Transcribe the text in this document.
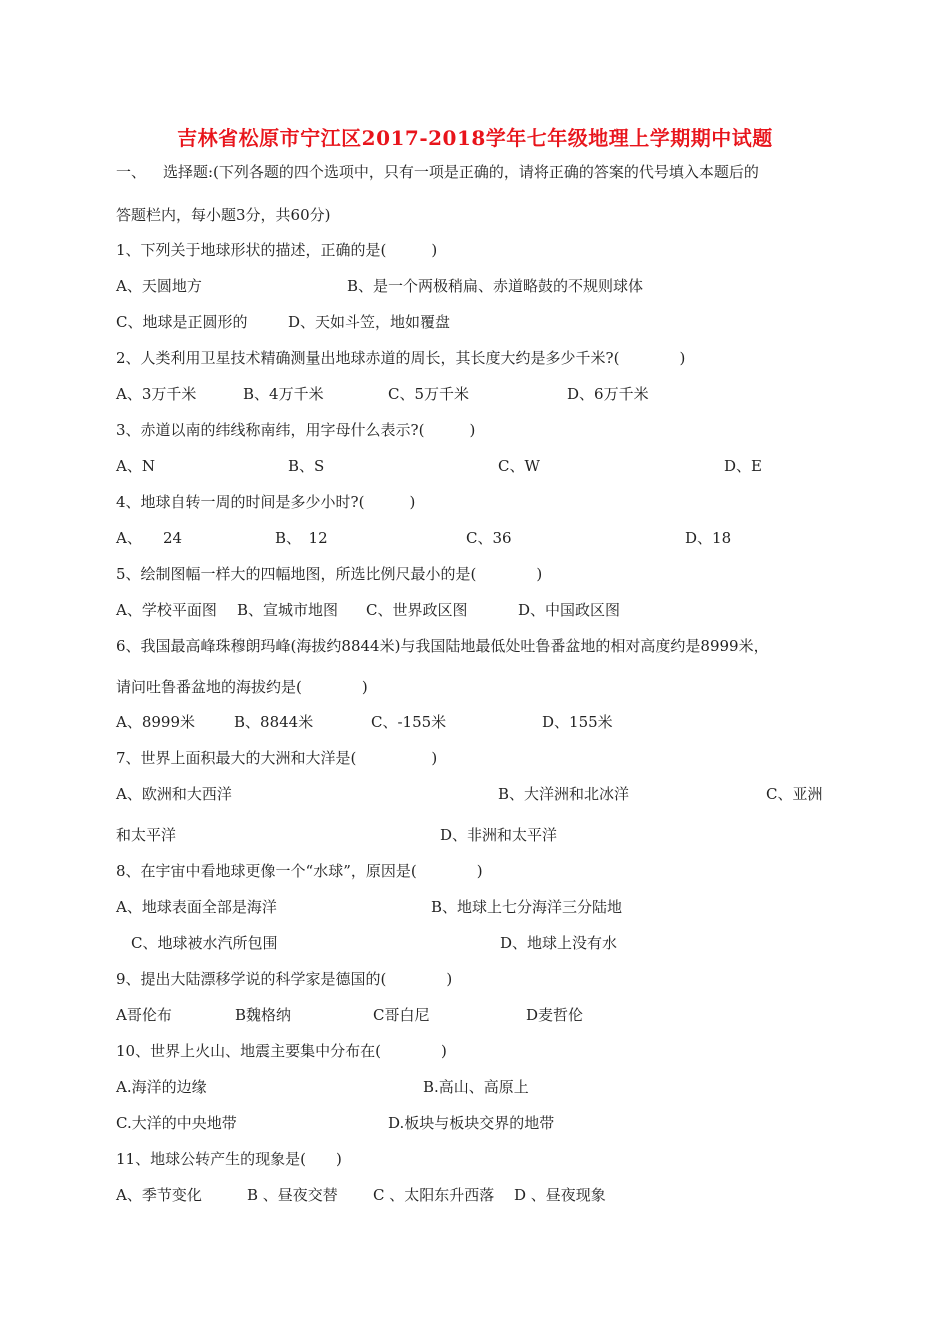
吉林省松原市宁江区2017-2018学年七年级地理上学期期中试题
一、 选择题:(下列各题的四个选项中，只有一项是正确的，请将正确的答案的代号填入本题后的
答题栏内，每小题3分，共60分)
1、下列关于地球形状的描述，正确的是(　　　)
A、天圆地方	B、是一个两极稍扁、赤道略鼓的不规则球体
C、地球是正圆形的	D、天如斗笠，地如覆盘
2、人类利用卫星技术精确测量出地球赤道的周长，其长度大约是多少千米?(　　　　)
A、3万千米	B、4万千米	C、5万千米	D、6万千米
3、赤道以南的纬线称南纬，用字母什么表示?(　　　)
A、N	B、S	C、W	D、E
4、地球自转一周的时间是多少小时?(　　　)
A、 24	B、　12	C、36	D、18
5、绘制图幅一样大的四幅地图，所选比例尺最小的是(　　　　)
A、学校平面图 B、宣城市地图 C、世界政区图	D、中国政区图
6、我国最高峰珠穆朗玛峰(海拔约8844米)与我国陆地最低处吐鲁番盆地的相对高度约是8999米，
请问吐鲁番盆地的海拔约是(　　　　)
A、8999米	B、8844米	C、-155米	D、155米
7、世界上面积最大的大洲和大洋是(　　　　　)
A、欧洲和大西洋	B、大洋洲和北冰洋	C、亚洲
和太平洋	D、非洲和太平洋
8、在宇宙中看地球更像一个“水球”，原因是(　　　　)
A、地球表面全部是海洋	B、地球上七分海洋三分陆地
C、地球被水汽所包围	D、地球上没有水
9、提出大陆漂移学说的科学家是德国的(　　　　)
A哥伦布	B魏格纳	C哥白尼	D麦哲伦
10、世界上火山、地震主要集中分布在(　　　　)
A.海洋的边缘	B.高山、高原上
C.大洋的中央地带	D.板块与板块交界的地带
11、地球公转产生的现象是(　　)
A、季节变化	B 、昼夜交替 C 、太阳东升西落 D 、昼夜现象
